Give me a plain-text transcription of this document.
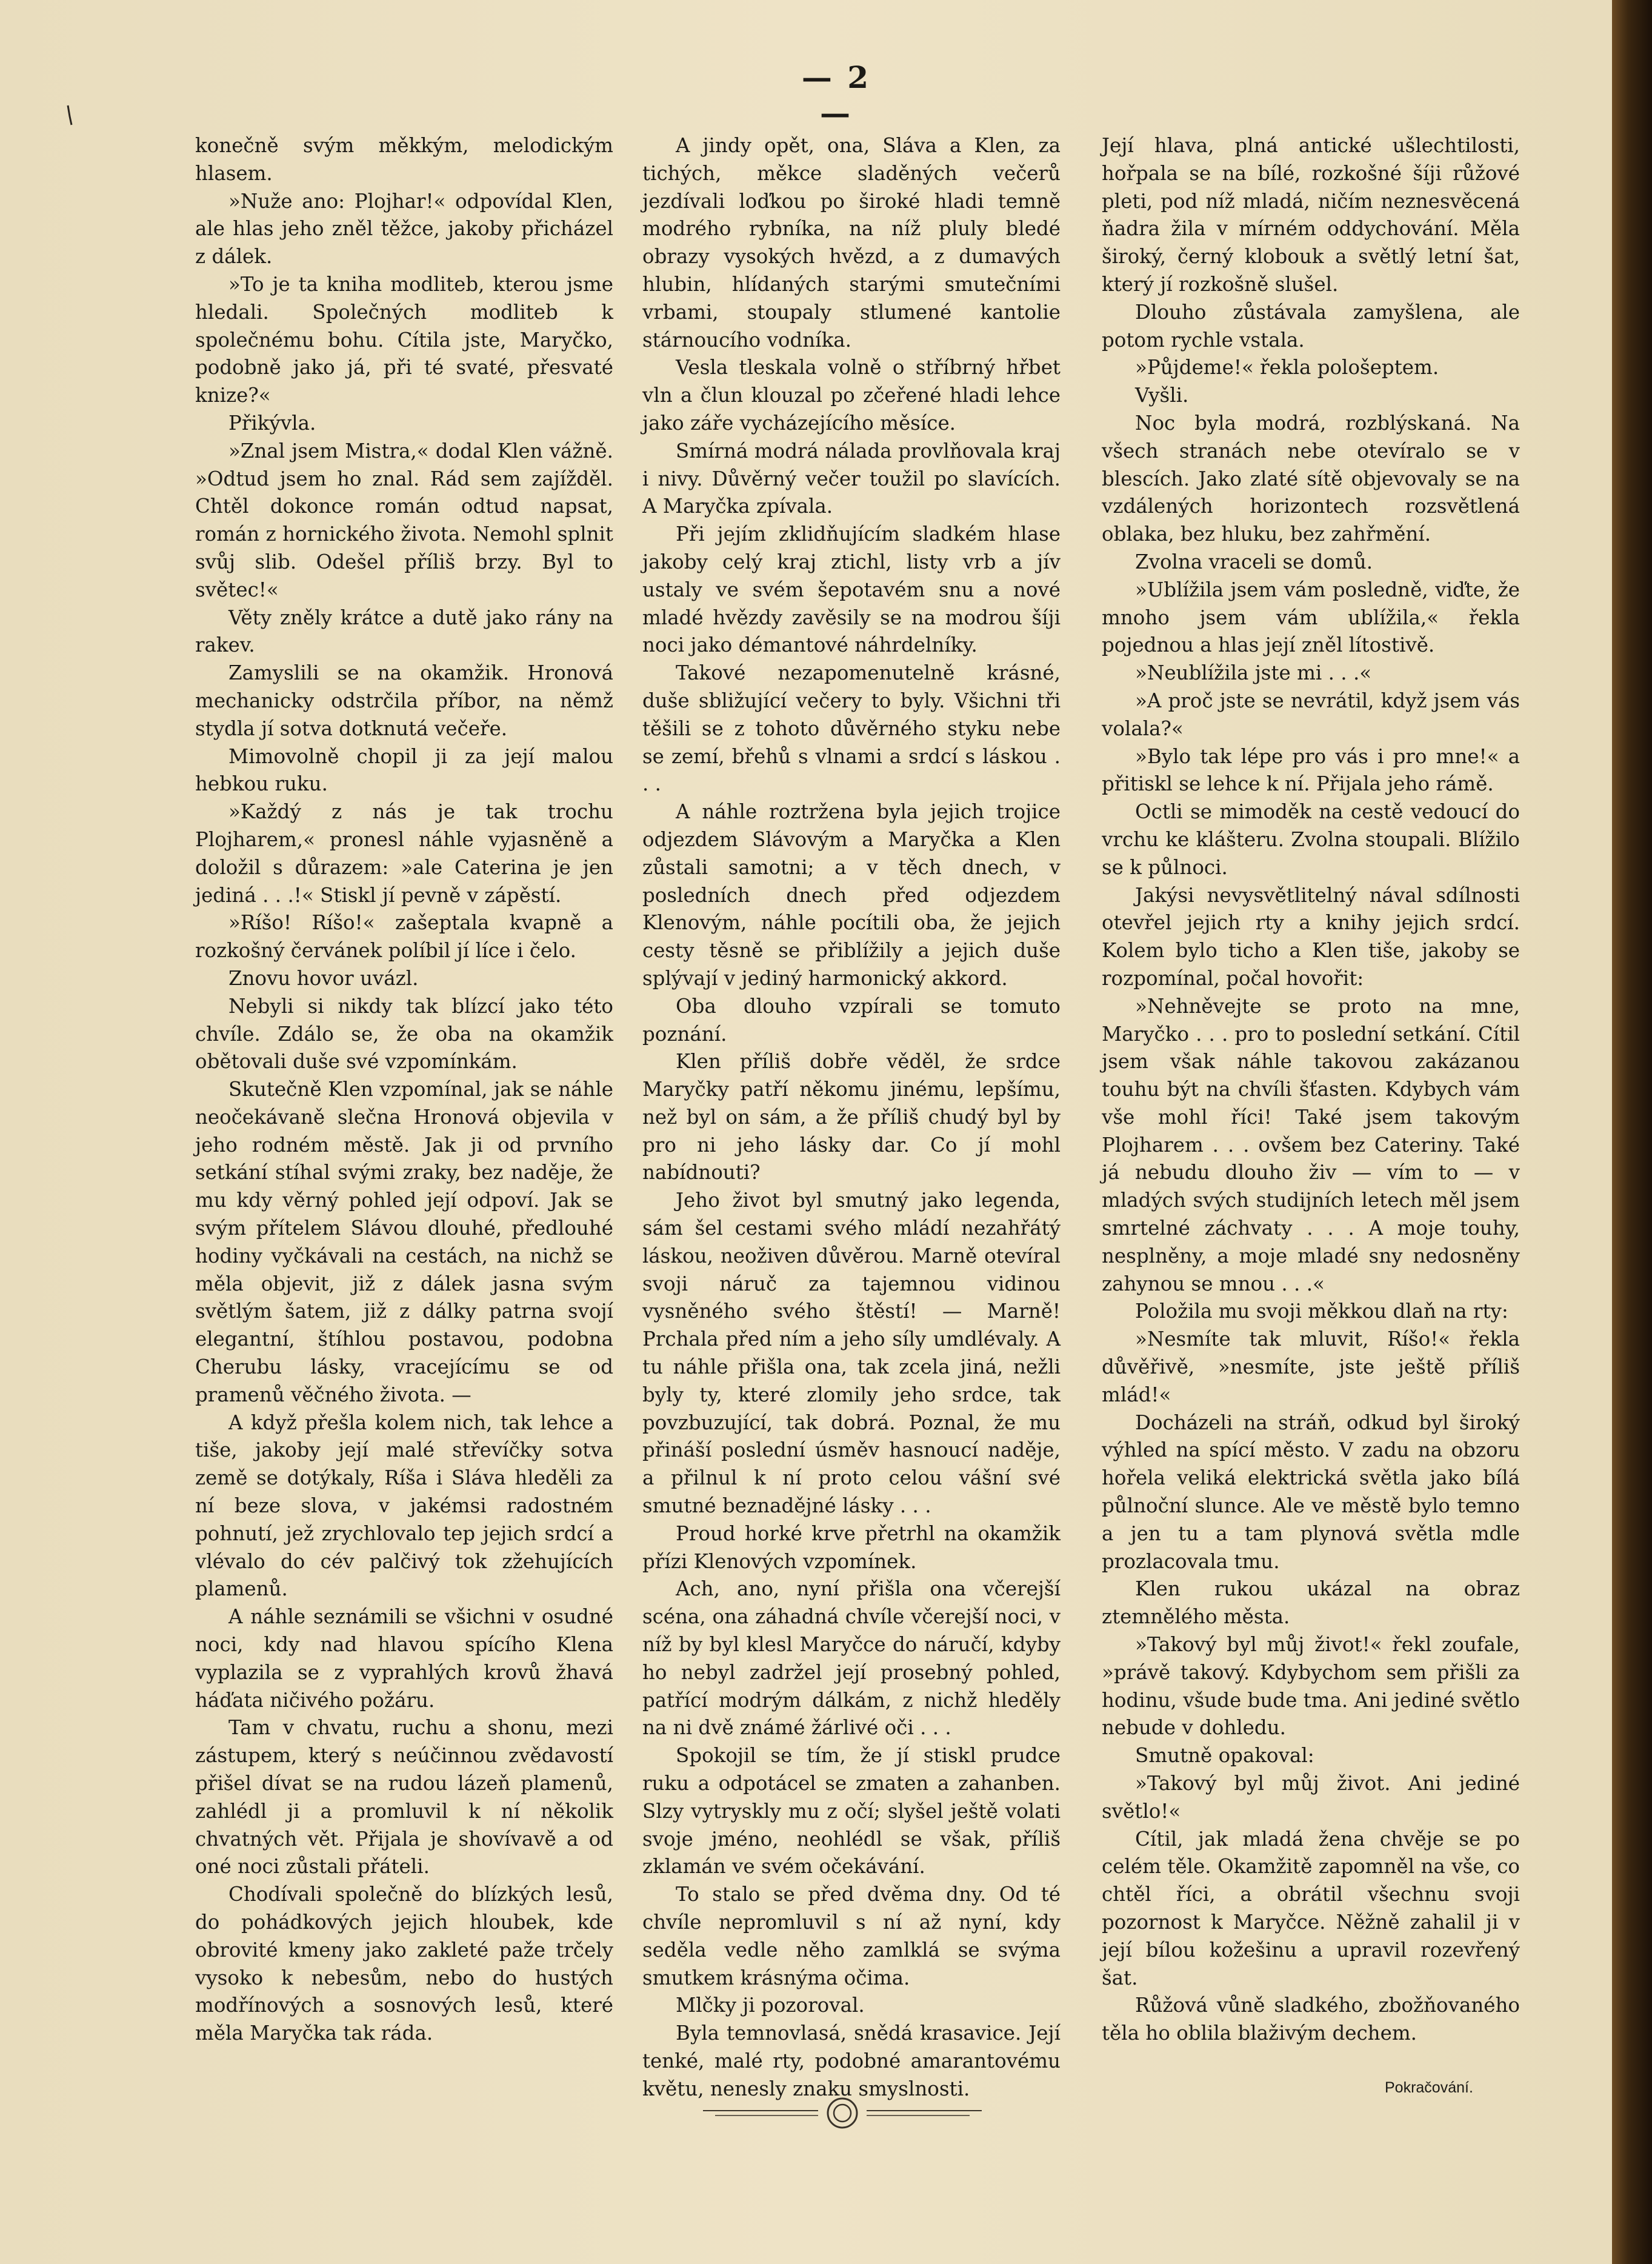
— 2 —

konečně svým měkkým, melodickým hlasem.

»Nuže ano: Plojhar!« odpovídal Klen, ale hlas jeho zněl těžce, jakoby přicházel z dálek.

»To je ta kniha modliteb, kterou jsme hledali. Společných modliteb k společnému bohu. Cítila jste, Maryčko, podobně jako já, při té svaté, přesvaté knize?«

Přikývla.

»Znal jsem Mistra,« dodal Klen vážně. »Odtud jsem ho znal. Rád sem zajížděl. Chtěl dokonce román odtud napsat, román z hornického života. Nemohl splnit svůj slib. Odešel příliš brzy. Byl to světec!«

Věty zněly krátce a dutě jako rány na rakev.

Zamyslili se na okamžik. Hronová mechanicky odstrčila příbor, na němž stydla jí sotva dotknutá večeře.

Mimovolně chopil ji za její malou hebkou ruku.

»Každý z nás je tak trochu Plojharem,« pronesl náhle vyjasněně a doložil s důrazem: »ale Caterina je jen jediná . . .!« Stiskl jí pevně v zápěstí.

»Ríšo! Ríšo!« zašeptala kvapně a rozkošný červánek políbil jí líce i čelo.

Znovu hovor uvázl.

Nebyli si nikdy tak blízcí jako této chvíle. Zdálo se, že oba na okamžik obětovali duše své vzpomínkám.

Skutečně Klen vzpomínal, jak se náhle neočekávaně slečna Hronová objevila v jeho rodném městě. Jak ji od prvního setkání stíhal svými zraky, bez naděje, že mu kdy věrný pohled její odpoví. Jak se svým přítelem Slávou dlouhé, předlouhé hodiny vyčkávali na cestách, na nichž se měla objevit, již z dálek jasna svým světlým šatem, již z dálky patrna svojí elegantní, štíhlou postavou, podobna Cherubu lásky, vracejícímu se od pramenů věčného života. —

A když přešla kolem nich, tak lehce a tiše, jakoby její malé střevíčky sotva země se dotýkaly, Ríša i Sláva hleděli za ní beze slova, v jakémsi radostném pohnutí, jež zrychlovalo tep jejich srdcí a vlévalo do cév palčivý tok zžehujících plamenů.

A náhle seznámili se všichni v osudné noci, kdy nad hlavou spícího Klena vyplazila se z vyprahlých krovů žhavá háďata ničivého požáru.

Tam v chvatu, ruchu a shonu, mezi zástupem, který s neúčinnou zvědavostí přišel dívat se na rudou lázeň plamenů, zahlédl ji a promluvil k ní několik chvatných vět. Přijala je shovívavě a od oné noci zůstali přáteli.

Chodívali společně do blízkých lesů, do pohádkových jejich hloubek, kde obrovité kmeny jako zakleté paže trčely vysoko k nebesům, nebo do hustých modřínových a sosnových lesů, které měla Maryčka tak ráda.

A jindy opět, ona, Sláva a Klen, za tichých, měkce sladěných večerů jezdívali loďkou po široké hladi temně modrého rybníka, na níž pluly bledé obrazy vysokých hvězd, a z dumavých hlubin, hlídaných starými smutečními vrbami, stoupaly stlumené kantolie stárnoucího vodníka.

Vesla tleskala volně o stříbrný hřbet vln a člun klouzal po zčeřené hladi lehce jako záře vycházejícího měsíce.

Smírná modrá nálada provlňovala kraj i nivy. Důvěrný večer toužil po slavících. A Maryčka zpívala.

Při jejím zklidňujícím sladkém hlase jakoby celý kraj ztichl, listy vrb a jív ustaly ve svém šepotavém snu a nové mladé hvězdy zavěsily se na modrou šíji noci jako démantové náhrdelníky.

Takové nezapomenutelně krásné, duše sbližující večery to byly. Všichni tři těšili se z tohoto důvěrného styku nebe se zemí, břehů s vlnami a srdcí s láskou . . .

A náhle roztržena byla jejich trojice odjezdem Slávovým a Maryčka a Klen zůstali samotni; a v těch dnech, v posledních dnech před odjezdem Klenovým, náhle pocítili oba, že jejich cesty těsně se přiblížily a jejich duše splývají v jediný harmonický akkord.

Oba dlouho vzpírali se tomuto poznání.

Klen příliš dobře věděl, že srdce Maryčky patří někomu jinému, lepšímu, než byl on sám, a že příliš chudý byl by pro ni jeho lásky dar. Co jí mohl nabídnouti?

Jeho život byl smutný jako legenda, sám šel cestami svého mládí nezahřátý láskou, neoživen důvěrou. Marně otevíral svoji náruč za tajemnou vidinou vysněného svého štěstí! — Marně! Prchala před ním a jeho síly umdlévaly. A tu náhle přišla ona, tak zcela jiná, nežli byly ty, které zlomily jeho srdce, tak povzbuzující, tak dobrá. Poznal, že mu přináší poslední úsměv hasnoucí naděje, a přilnul k ní proto celou vášní své smutné beznadějné lásky . . .

Proud horké krve přetrhl na okamžik přízi Klenových vzpomínek.

Ach, ano, nyní přišla ona včerejší scéna, ona záhadná chvíle včerejší noci, v níž by byl klesl Maryčce do náručí, kdyby ho nebyl zadržel její prosebný pohled, patřící modrým dálkám, z nichž hleděly na ni dvě známé žárlivé oči . . .

Spokojil se tím, že jí stiskl prudce ruku a odpotácel se zmaten a zahanben. Slzy vytryskly mu z očí; slyšel ještě volati svoje jméno, neohlédl se však, příliš zklamán ve svém očekávání.

To stalo se před dvěma dny. Od té chvíle nepromluvil s ní až nyní, kdy seděla vedle něho zamlklá se svýma smutkem krásnýma očima.

Mlčky ji pozoroval.

Byla temnovlasá, snědá krasavice. Její tenké, malé rty, podobné amarantovému květu, nenesly znaku smyslnosti.

Její hlava, plná antické ušlechtilosti, hořpala se na bílé, rozkošné šíji růžové pleti, pod níž mladá, ničím neznesvěcená ňadra žila v mírném oddychování. Měla široký, černý klobouk a světlý letní šat, který jí rozkošně slušel.

Dlouho zůstávala zamyšlena, ale potom rychle vstala.

»Půjdeme!« řekla pološeptem.

Vyšli.

Noc byla modrá, rozblýskaná. Na všech stranách nebe otevíralo se v blescích. Jako zlaté sítě objevovaly se na vzdálených horizontech rozsvětlená oblaka, bez hluku, bez zahřmění.

Zvolna vraceli se domů.

»Ublížila jsem vám posledně, viďte, že mnoho jsem vám ublížila,« řekla pojednou a hlas její zněl lítostivě.

»Neublížila jste mi . . .«

»A proč jste se nevrátil, když jsem vás volala?«

»Bylo tak lépe pro vás i pro mne!« a přitiskl se lehce k ní. Přijala jeho rámě.

Octli se mimoděk na cestě vedoucí do vrchu ke klášteru. Zvolna stoupali. Blížilo se k půlnoci.

Jakýsi nevysvětlitelný nával sdílnosti otevřel jejich rty a knihy jejich srdcí. Kolem bylo ticho a Klen tiše, jakoby se rozpomínal, počal hovořit:

»Nehněvejte se proto na mne, Maryčko . . . pro to poslední setkání. Cítil jsem však náhle takovou zakázanou touhu být na chvíli šťasten. Kdybych vám vše mohl říci! Také jsem takovým Plojharem . . . ovšem bez Cateriny. Také já nebudu dlouho živ — vím to — v mladých svých studijních letech měl jsem smrtelné záchvaty . . . A moje touhy, nesplněny, a moje mladé sny nedosněny zahynou se mnou . . .«

Položila mu svoji měkkou dlaň na rty:

»Nesmíte tak mluvit, Ríšo!« řekla důvěřivě, »nesmíte, jste ještě příliš mlád!«

Docházeli na stráň, odkud byl široký výhled na spící město. V zadu na obzoru hořela veliká elektrická světla jako bílá půlnoční slunce. Ale ve městě bylo temno a jen tu a tam plynová světla mdle prozlacovala tmu.

Klen rukou ukázal na obraz ztemnělého města.

»Takový byl můj život!« řekl zoufale, »právě takový. Kdybychom sem přišli za hodinu, všude bude tma. Ani jediné světlo nebude v dohledu.

Smutně opakoval:

»Takový byl můj život. Ani jediné světlo!«

Cítil, jak mladá žena chvěje se po celém těle. Okamžitě zapomněl na vše, co chtěl říci, a obrátil všechnu svoji pozornost k Maryčce. Něžně zahalil ji v její bílou kožešinu a upravil rozevřený šat.

Růžová vůně sladkého, zbožňovaného těla ho oblila blaživým dechem.

Pokračování.
